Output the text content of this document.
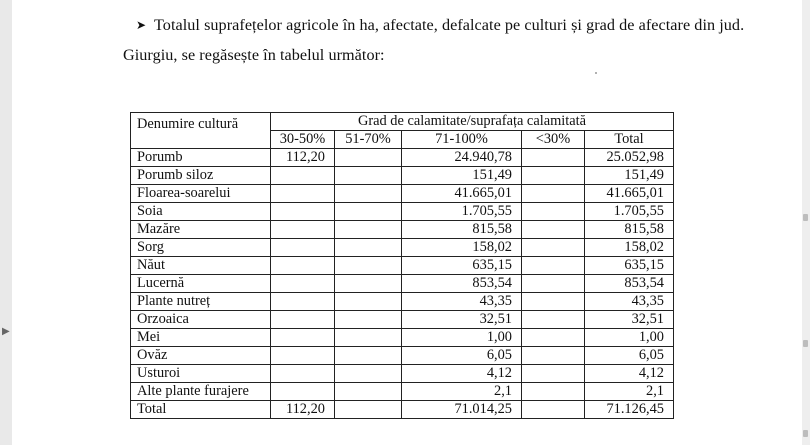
▶
➤ Totalul suprafețelor agricole în ha, afectate, defalcate pe culturi și grad de afectare din jud.
Giurgiu, se regăsește în tabelul următor:
Denumire cultură	Grad de calamitate/suprafața calamitată				
	30-50%	51-70%	71-100%	<30%	Total
Porumb	112,20		24.940,78		25.052,98
Porumb siloz			151,49		151,49
Floarea-soarelui			41.665,01		41.665,01
Soia			1.705,55		1.705,55
Mazăre			815,58		815,58
Sorg			158,02		158,02
Năut			635,15		635,15
Lucernă			853,54		853,54
Plante nutreț			43,35		43,35
Orzoaica			32,51		32,51
Mei			1,00		1,00
Ovăz			6,05		6,05
Usturoi			4,12		4,12
Alte plante furajere			2,1		2,1
Total	112,20		71.014,25		71.126,45
